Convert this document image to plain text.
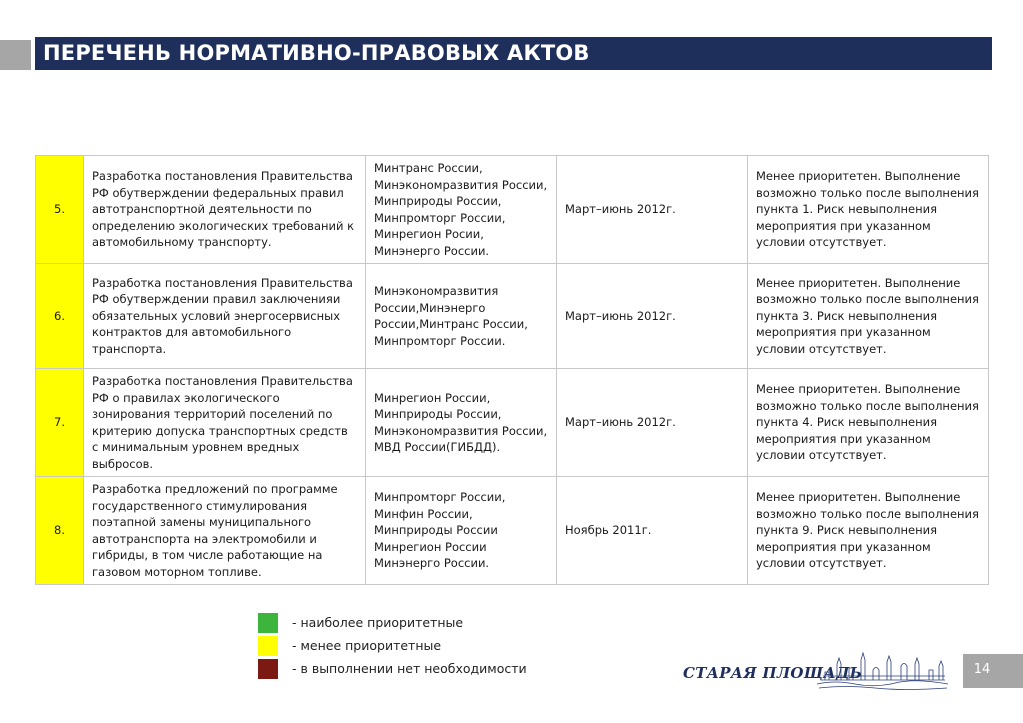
ПЕРЕЧЕНЬ НОРМАТИВНО-ПРАВОВЫХ АКТОВ
5.	Разработка постановления Правительства РФ обутверждении федеральных правил автотранспортной деятельности по определению экологических требований к автомобильному транспорту.	Минтранс России,
Минэкономразвития России, Минприроды России, Минпромторг России, Минрегион Росии, Минэнерго России.	Март–июнь 2012г.	Менее приоритетен. Выполнение возможно только после выполнения пункта 1. Риск невыполнения мероприятия при указанном условии отсутствует.
6.	Разработка постановления Правительства РФ обутверждении правил заключенияи обязательных условий энергосервисных контрактов для автомобильного транспорта.	Минэкономразвития России,Минэнерго России,Минтранс России, Минпромторг России.	Март–июнь 2012г.	Менее приоритетен. Выполнение возможно только после выполнения пункта 3. Риск невыполнения мероприятия при указанном условии отсутствует.
7.	Разработка постановления Правительства РФ о правилах экологического зонирования территорий поселений по критерию допуска транспортных средств с минимальным уровнем вредных выбросов.	Минрегион России,
Минприроды России,
Минэкономразвития России,
МВД России(ГИБДД).	Март–июнь 2012г.	Менее приоритетен. Выполнение возможно только после выполнения пункта 4. Риск невыполнения мероприятия при указанном условии отсутствует.
8.	Разработка предложений по программе государственного стимулирования поэтапной замены муниципального автотранспорта на электромобили и гибриды, в том числе работающие на газовом моторном топливе.	Минпромторг России,
Минфин России,
Минприроды России
Минрегион России
Минэнерго России.	Ноябрь 2011г.	Менее приоритетен. Выполнение возможно только после выполнения пункта 9. Риск невыполнения мероприятия при указанном условии отсутствует.
- наиболее приоритетные
- менее приоритетные
- в выполнении нет необходимости	СТАРАЯ ПЛОЩАДЬ	14
